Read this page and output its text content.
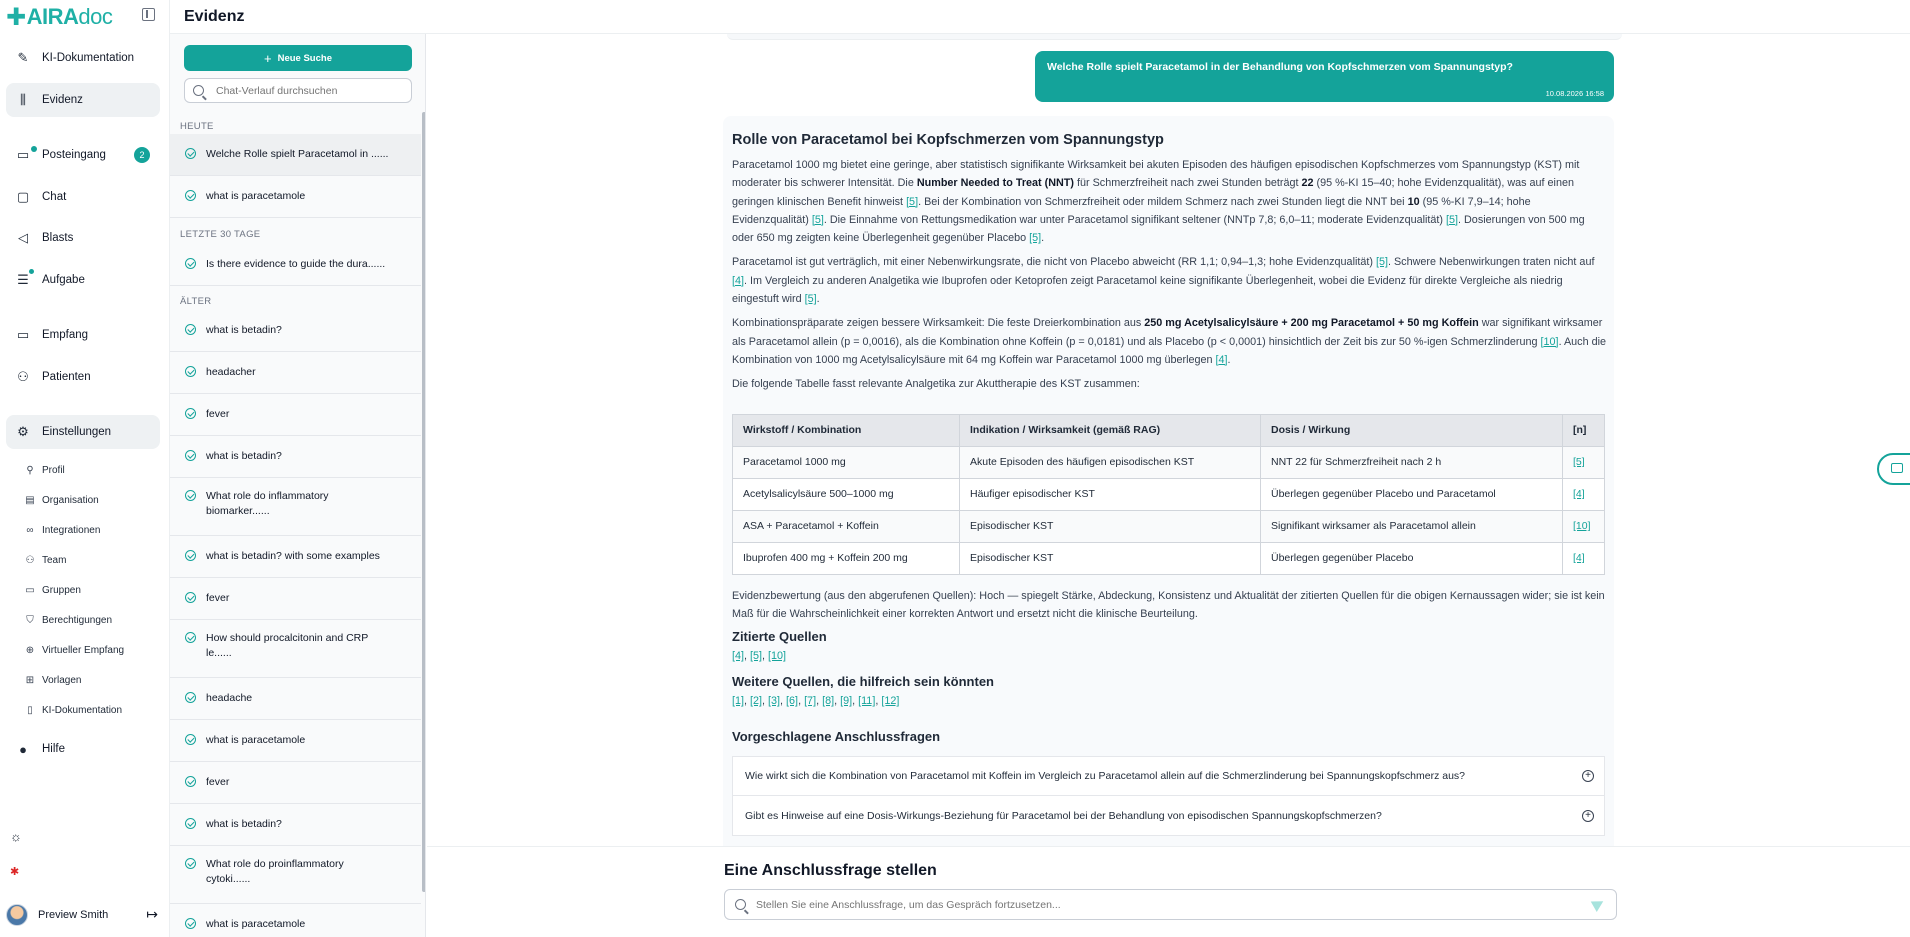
✚ AIRA doc
✎	KI-Dokumentation
⫼	Evidenz
▭ Posteingang	2
▢ Chat
◁	Blasts
☰ Aufgabe
▭ Empfang
⚇ Patienten
⚙ Einstellungen
⚲ Profil
▤ Organisation
∞ Integrationen
⚇ Team
▭ Gruppen
⛉ Berechtigungen
⊕ Virtueller Empfang
⊞ Vorlagen
▯ KI-Dokumentation
●	Hilfe
☼
✱
Preview Smith	↦
Evidenz
+ Neue Suche
Chat-Verlauf durchsuchen
HEUTE
Welche Rolle spielt Paracetamol in ......
what is paracetamole
LETZTE 30 TAGE
Is there evidence to guide the dura......
ÄLTER
what is betadin?
headacher
fever
what is betadin?
What role do inflammatory biomarker......
what is betadin? with some examples
fever
How should procalcitonin and CRP le......
headache
what is paracetamole
fever
what is betadin?
What role do proinflammatory cytoki......
what is paracetamole
Welche Rolle spielt Paracetamol in der Behandlung von Kopfschmerzen vom Spannungstyp?
10.08.2026 16:58
Rolle von Paracetamol bei Kopfschmerzen vom Spannungstyp

Paracetamol 1000 mg bietet eine geringe, aber statistisch signifikante Wirksamkeit bei akuten Episoden des häufigen episodischen Kopfschmerzes vom Spannungstyp (KST) mit moderater bis schwerer Intensität. Die Number Needed to Treat (NNT) für Schmerzfreiheit nach zwei Stunden beträgt 22 (95 %-KI 15–40; hohe Evidenzqualität), was auf einen geringen klinischen Benefit hinweist [5]. Bei der Kombination von Schmerzfreiheit oder mildem Schmerz nach zwei Stunden liegt die NNT bei 10 (95 %-KI 7,9–14; hohe Evidenzqualität) [5]. Die Einnahme von Rettungsmedikation war unter Paracetamol signifikant seltener (NNTp 7,8; 6,0–11; moderate Evidenzqualität) [5]. Dosierungen von 500 mg oder 650 mg zeigten keine Überlegenheit gegenüber Placebo [5].

Paracetamol ist gut verträglich, mit einer Nebenwirkungsrate, die nicht von Placebo abweicht (RR 1,1; 0,94–1,3; hohe Evidenzqualität) [5]. Schwere Nebenwirkungen traten nicht auf [4]. Im Vergleich zu anderen Analgetika wie Ibuprofen oder Ketoprofen zeigt Paracetamol keine signifikante Überlegenheit, wobei die Evidenz für direkte Vergleiche als niedrig eingestuft wird [5].

Kombinationspräparate zeigen bessere Wirksamkeit: Die feste Dreierkombination aus 250 mg Acetylsalicylsäure + 200 mg Paracetamol + 50 mg Koffein war signifikant wirksamer als Paracetamol allein (p = 0,0016), als die Kombination ohne Koffein (p = 0,0181) und als Placebo (p < 0,0001) hinsichtlich der Zeit bis zur 50 %-igen Schmerzlinderung [10]. Auch die Kombination von 1000 mg Acetylsalicylsäure mit 64 mg Koffein war Paracetamol 1000 mg überlegen [4].

Die folgende Tabelle fasst relevante Analgetika zur Akuttherapie des KST zusammen:

Wirkstoff / Kombination	Indikation / Wirksamkeit (gemäß RAG)	Dosis / Wirkung	[n]
Paracetamol 1000 mg	Akute Episoden des häufigen episodischen KST	NNT 22 für Schmerzfreiheit nach 2 h	[5]
Acetylsalicylsäure 500–1000 mg	Häufiger episodischer KST	Überlegen gegenüber Placebo und Paracetamol	[4]
ASA + Paracetamol + Koffein	Episodischer KST	Signifikant wirksamer als Paracetamol allein	[10]
Ibuprofen 400 mg + Koffein 200 mg	Episodischer KST	Überlegen gegenüber Placebo	[4]

Evidenzbewertung (aus den abgerufenen Quellen): Hoch — spiegelt Stärke, Abdeckung, Konsistenz und Aktualität der zitierten Quellen für die obigen Kernaussagen wider; sie ist kein Maß für die Wahrscheinlichkeit einer korrekten Antwort und ersetzt nicht die klinische Beurteilung.

Zitierte Quellen
[4], [5], [10]
Weitere Quellen, die hilfreich sein könnten
[1], [2], [3], [6], [7], [8], [9], [11], [12]
Vorgeschlagene Anschlussfragen
Wie wirkt sich die Kombination von Paracetamol mit Koffein im Vergleich zu Paracetamol allein auf die Schmerzlinderung bei Spannungskopfschmerz aus?	+
Gibt es Hinweise auf eine Dosis-Wirkungs-Beziehung für Paracetamol bei der Behandlung von episodischen Spannungskopfschmerzen?	+
Eine Anschlussfrage stellen
Stellen Sie eine Anschlussfrage, um das Gespräch fortzusetzen...
